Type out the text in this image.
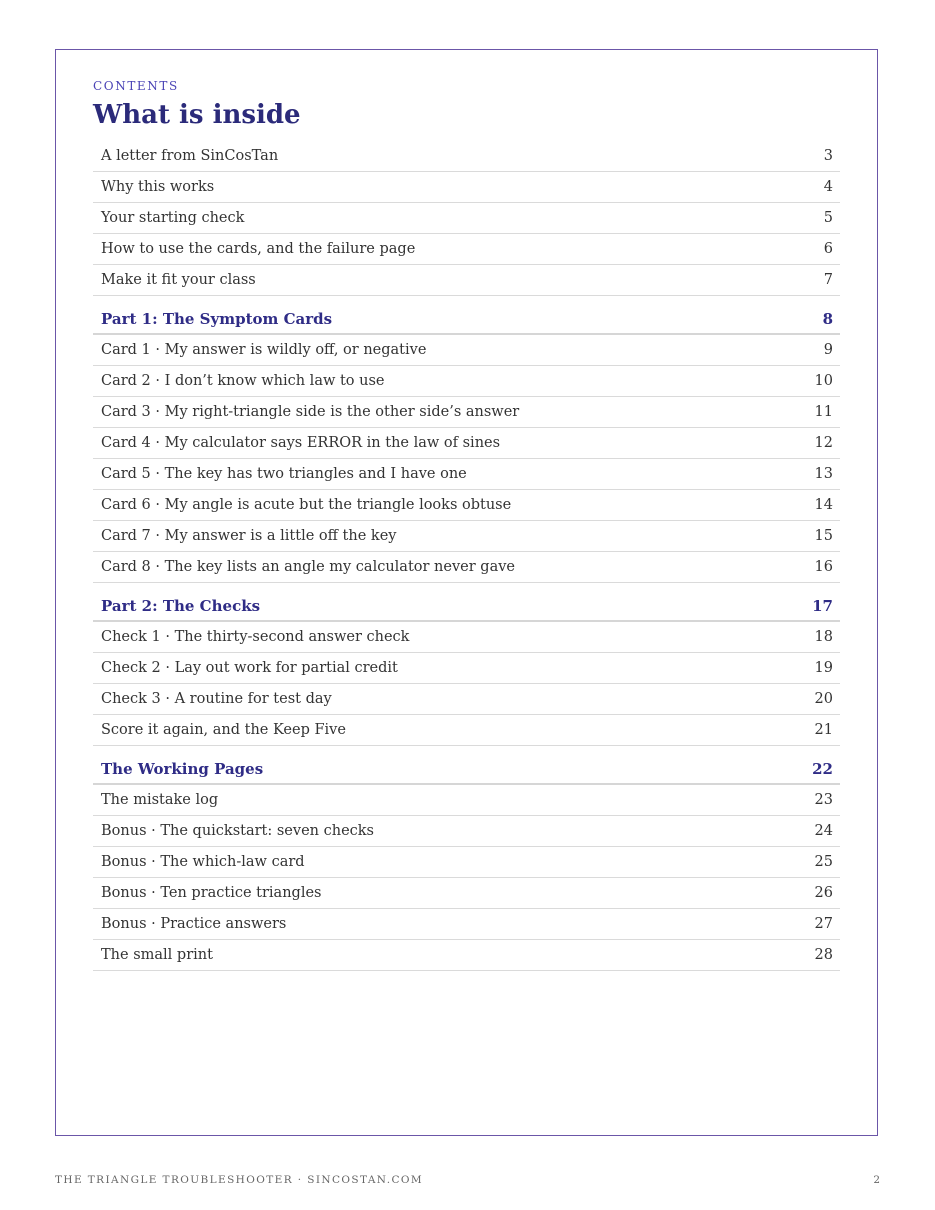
CONTENTS
What is inside
A letter from SinCosTan	3
Why this works	4
Your starting check	5
How to use the cards, and the failure page	6
Make it fit your class	7
Part 1: The Symptom Cards	8
Card 1 · My answer is wildly off, or negative	9
Card 2 · I don’t know which law to use	10
Card 3 · My right-triangle side is the other side’s answer	11
Card 4 · My calculator says ERROR in the law of sines	12
Card 5 · The key has two triangles and I have one	13
Card 6 · My angle is acute but the triangle looks obtuse	14
Card 7 · My answer is a little off the key	15
Card 8 · The key lists an angle my calculator never gave	16
Part 2: The Checks	17
Check 1 · The thirty-second answer check	18
Check 2 · Lay out work for partial credit	19
Check 3 · A routine for test day	20
Score it again, and the Keep Five	21
The Working Pages	22
The mistake log	23
Bonus · The quickstart: seven checks	24
Bonus · The which-law card	25
Bonus · Ten practice triangles	26
Bonus · Practice answers	27
The small print	28
THE TRIANGLE TROUBLESHOOTER · SINCOSTAN.COM	2
